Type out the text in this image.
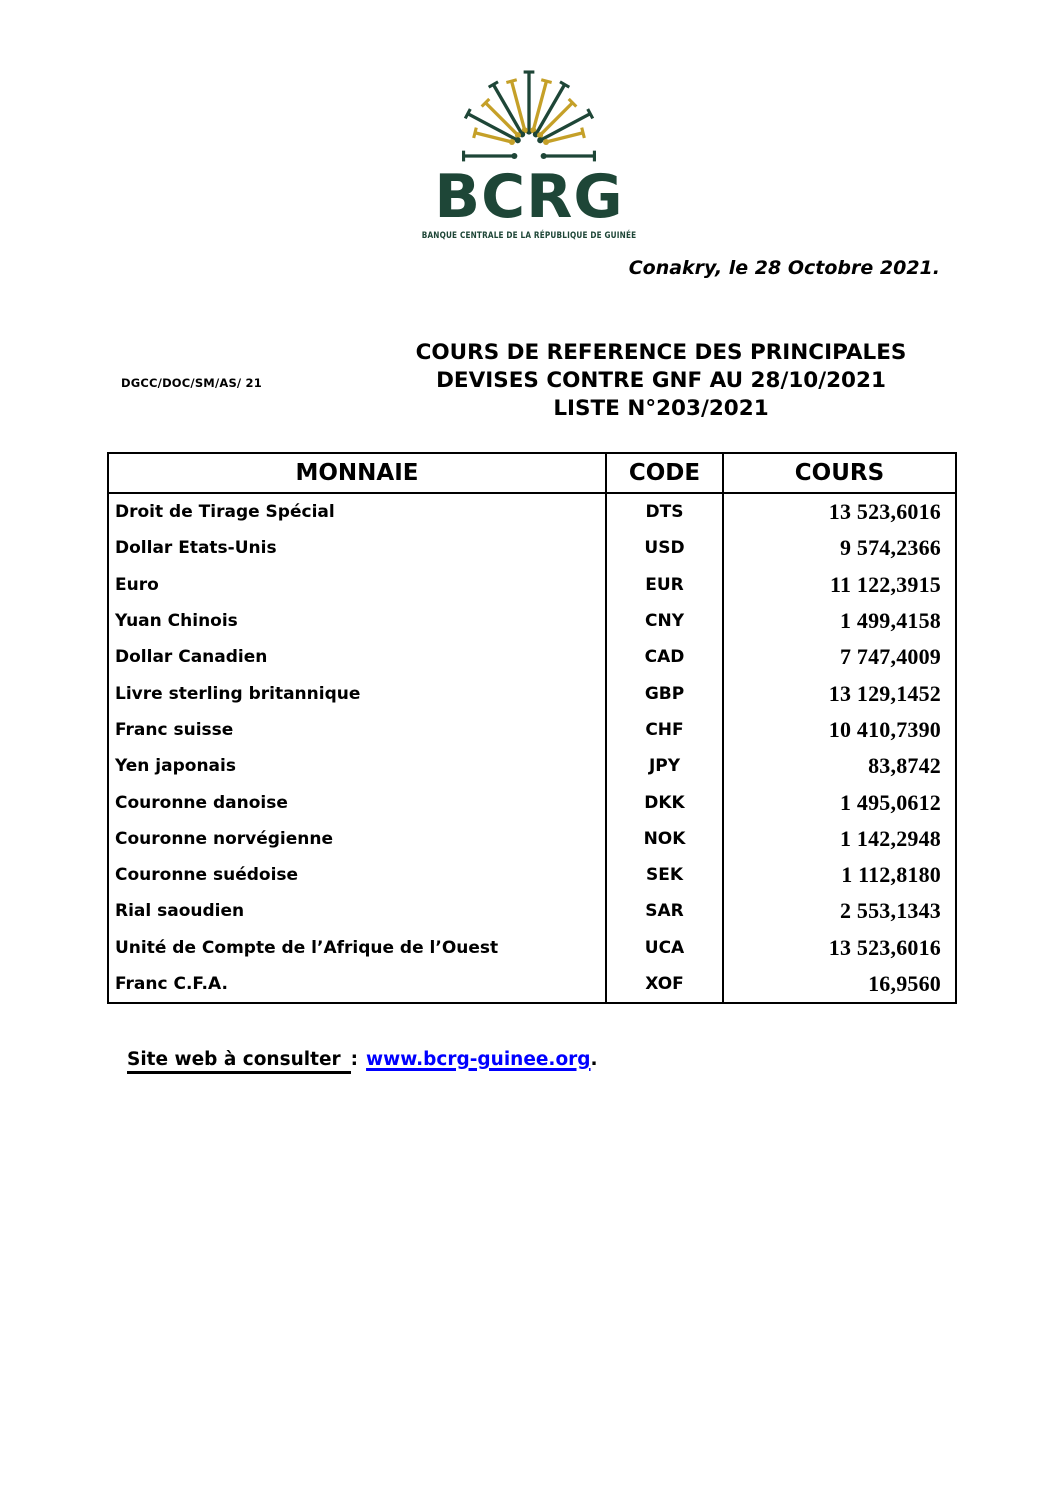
BCRG
BANQUE CENTRALE DE LA RÉPUBLIQUE DE GUINÉE
Conakry, le 28 Octobre 2021.
DGCC/DOC/SM/AS/ 21
COURS DE REFERENCE DES PRINCIPALES
DEVISES CONTRE GNF AU 28/10/2021
LISTE N°203/2021
MONNAIE	CODE	COURS
Droit de Tirage Spécial	DTS	13 523,6016
Dollar Etats-Unis	USD	9 574,2366
Euro	EUR	11 122,3915
Yuan Chinois	CNY	1 499,4158
Dollar Canadien	CAD	7 747,4009
Livre sterling britannique	GBP	13 129,1452
Franc suisse	CHF	10 410,7390
Yen japonais	JPY	83,8742
Couronne danoise	DKK	1 495,0612
Couronne norvégienne	NOK	1 142,2948
Couronne suédoise	SEK	1 112,8180
Rial saoudien	SAR	2 553,1343
Unité de Compte de l’Afrique de l’Ouest	UCA	13 523,6016
Franc C.F.A.	XOF	16,9560
Site web à consulter : www.bcrg-guinee.org.
